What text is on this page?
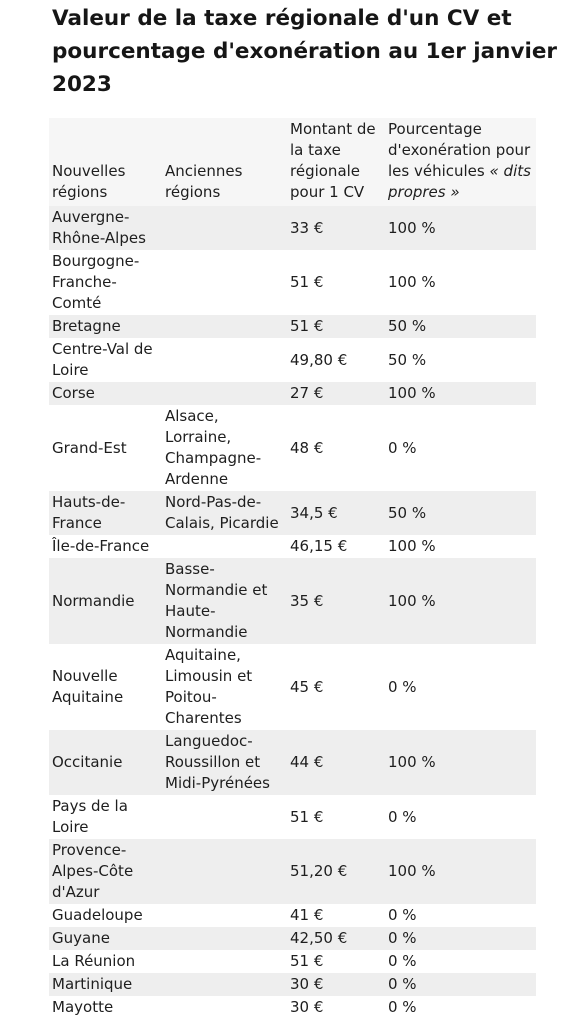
Valeur de la taxe régionale d'un CV et pourcentage d'exonération au 1er janvier 2023
Nouvelles régions	Anciennes régions	Montant de la taxe régionale pour 1 CV	Pourcentage d'exonération pour les véhicules « dits propres »
Auvergne-Rhône-Alpes		33 €	100 %
Bourgogne-Franche-Comté		51 €	100 %
Bretagne		51 €	50 %
Centre-Val de Loire		49,80 €	50 %
Corse		27 €	100 %
Grand-Est	Alsace, Lorraine, Champagne-Ardenne	48 €	0 %
Hauts-de-France	Nord-Pas-de-Calais, Picardie	34,5 €	50 %
Île-de-France		46,15 €	100 %
Normandie	Basse-Normandie et Haute-Normandie	35 €	100 %
Nouvelle Aquitaine	Aquitaine, Limousin et Poitou-Charentes	45 €	0 %
Occitanie	Languedoc-Roussillon et Midi-Pyrénées	44 €	100 %
Pays de la Loire		51 €	0 %
Provence-Alpes-Côte d'Azur		51,20 €	100 %
Guadeloupe		41 €	0 %
Guyane		42,50 €	0 %
La Réunion		51 €	0 %
Martinique		30 €	0 %
Mayotte		30 €	0 %
